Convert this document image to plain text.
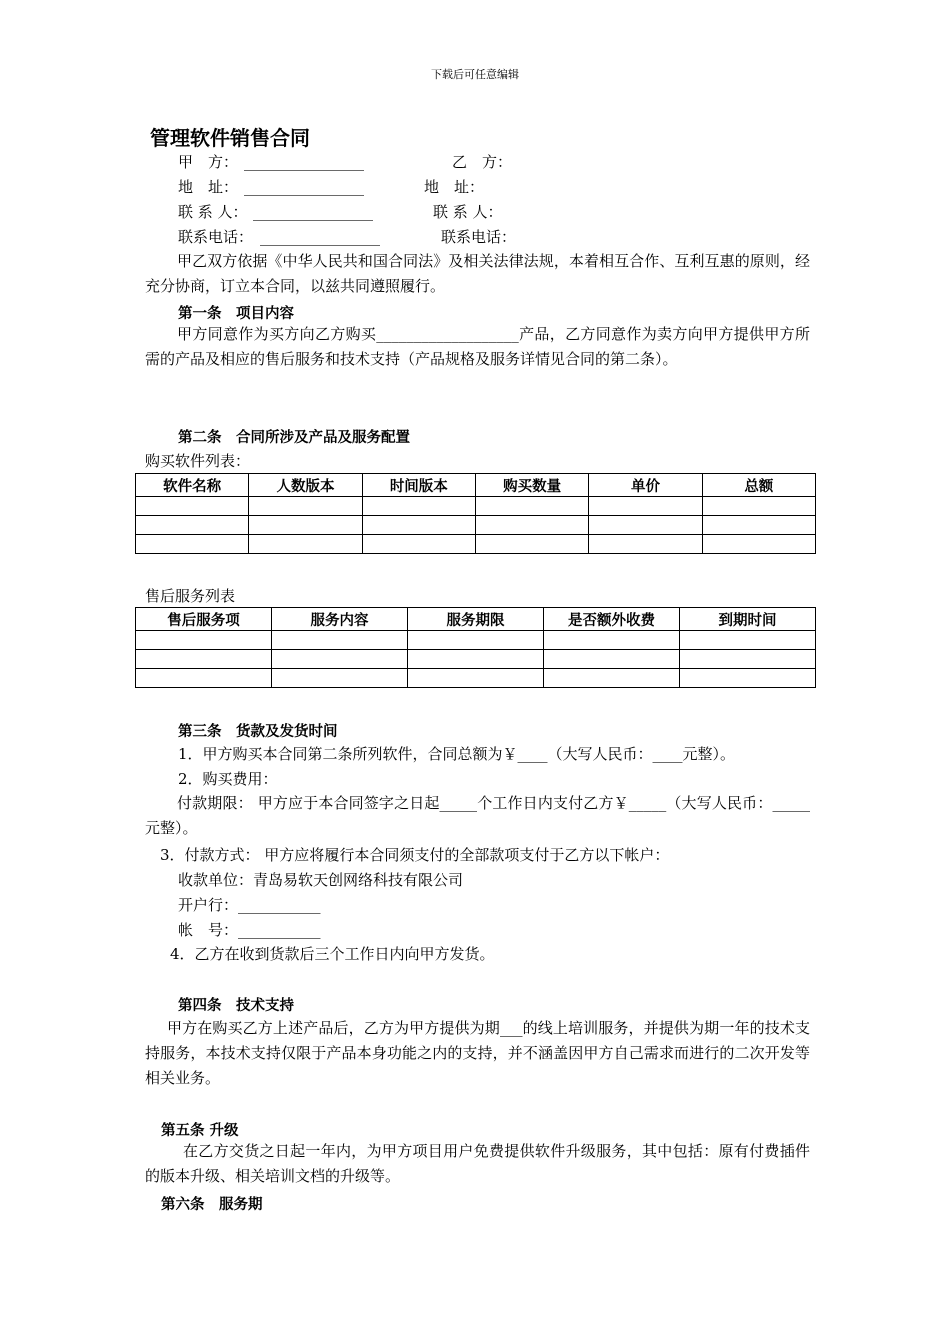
下载后可任意编辑
管理软件销售合同
甲　方： ________________	乙　方：
地　址： ________________	地　址：
联 系 人： ________________	联 系 人：
联系电话： ________________	联系电话：
甲乙双方依据《中华人民共和国合同法》及相关法律法规，本着相互合作、互利互惠的原则，经充分协商，订立本合同，以兹共同遵照履行。
第一条　项目内容
甲方同意作为买方向乙方购买___________________产品，乙方同意作为卖方向甲方提供甲方所需的产品及相应的售后服务和技术支持（产品规格及服务详情见合同的第二条）。
第二条　合同所涉及产品及服务配置
购买软件列表：
软件名称	人数版本	时间版本	购买数量	单价	总额

售后服务列表
售后服务项	服务内容	服务期限	是否额外收费	到期时间

第三条　货款及发货时间
1．甲方购买本合同第二条所列软件，合同总额为￥____（大写人民币：____元整）。
2．购买费用：
付款期限： 甲方应于本合同签字之日起_____个工作日内支付乙方￥_____（大写人民币：_____元整）。
3．付款方式： 甲方应将履行本合同须支付的全部款项支付于乙方以下帐户：
收款单位：青岛易软天创网络科技有限公司
开户行：___________
帐　号：___________
4．乙方在收到货款后三个工作日内向甲方发货。
第四条　技术支持
甲方在购买乙方上述产品后，乙方为甲方提供为期___的线上培训服务，并提供为期一年的技术支持服务，本技术支持仅限于产品本身功能之内的支持，并不涵盖因甲方自己需求而进行的二次开发等相关业务。
第五条 升级
在乙方交货之日起一年内，为甲方项目用户免费提供软件升级服务，其中包括：原有付费插件的版本升级、相关培训文档的升级等。
第六条　服务期
